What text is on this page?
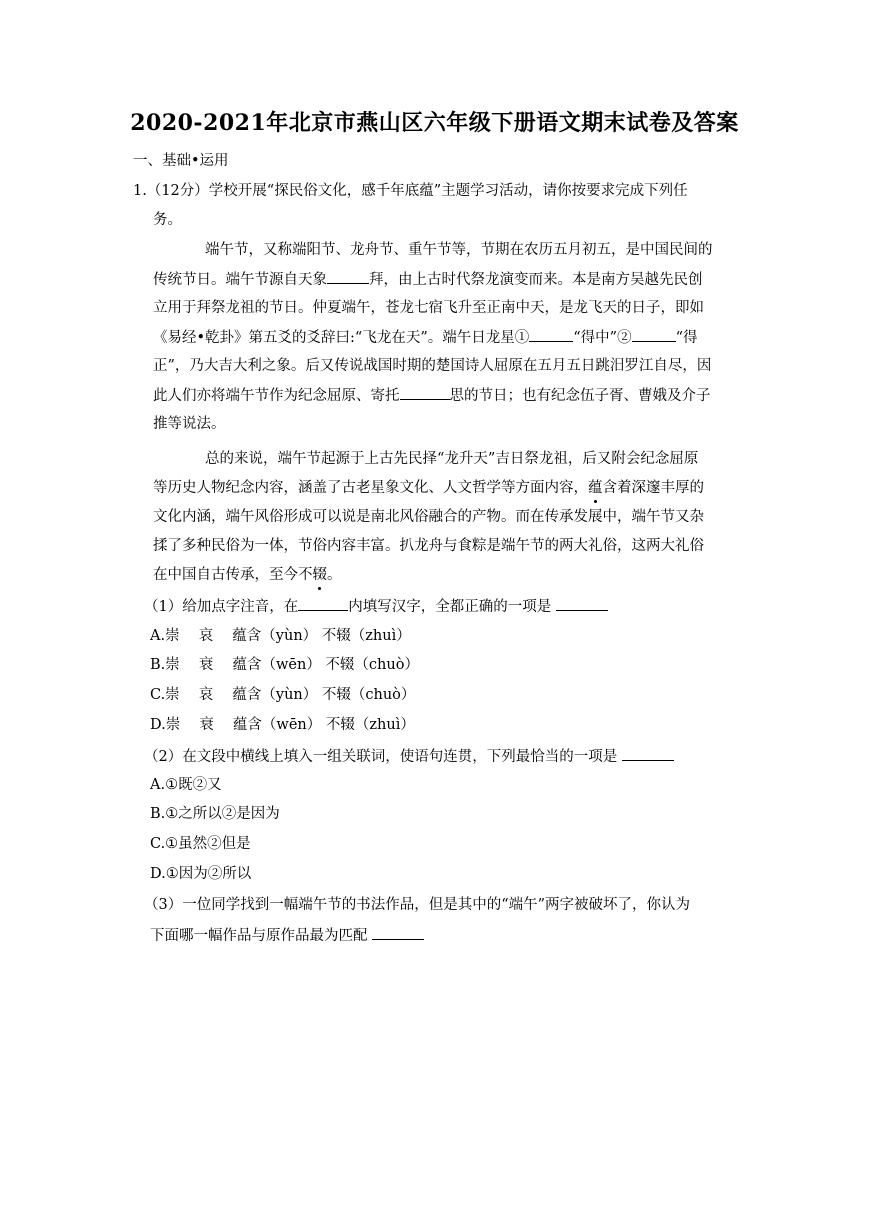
2020-2021年北京市燕山区六年级下册语文期末试卷及答案
一、基础•运用
1.（12分）学校开展“探民俗文化，感千年底蕴”主题学习活动，请你按要求完成下列任
务。
端午节，又称端阳节、龙舟节、重午节等，节期在农历五月初五，是中国民间的
传统节日。端午节源自天象	拜，由上古时代祭龙演变而来。本是南方吴越先民创
立用于拜祭龙祖的节日。仲夏端午，苍龙七宿飞升至正南中天，是龙飞天的日子，即如
《易经•乾卦》第五爻的爻辞曰:“飞龙在天”。端午日龙星①	“得中”②	“得
正”，乃大吉大利之象。后又传说战国时期的楚国诗人屈原在五月五日跳汨罗江自尽，因
此人们亦将端午节作为纪念屈原、寄托	思的节日；也有纪念伍子胥、曹娥及介子
推等说法。
总的来说，端午节起源于上古先民择“龙升天”吉日祭龙祖，后又附会纪念屈原
等历史人物纪念内容，涵盖了古老星象文化、人文哲学等方面内容，蕴含着深邃丰厚的
文化内涵，端午风俗形成可以说是南北风俗融合的产物。而在传承发展中，端午节又杂
揉了多种民俗为一体，节俗内容丰富。扒龙舟与食粽是端午节的两大礼俗，这两大礼俗
在中国自古传承，至今不辍。
（1）给加点字注音，在	内填写汉字，全都正确的一项是
A.崇　 哀　 蕴含（yùn） 不辍（zhuì）
B.崇　 衰　 蕴含（wēn） 不辍（chuò）
C.崇　 哀　 蕴含（yùn） 不辍（chuò）
D.崇　 衰　 蕴含（wēn） 不辍（zhuì）
（2）在文段中横线上填入一组关联词，使语句连贯，下列最恰当的一项是
A.①既②又
B.①之所以②是因为
C.①虽然②但是
D.①因为②所以
（3）一位同学找到一幅端午节的书法作品，但是其中的“端午”两字被破坏了，你认为
下面哪一幅作品与原作品最为匹配
